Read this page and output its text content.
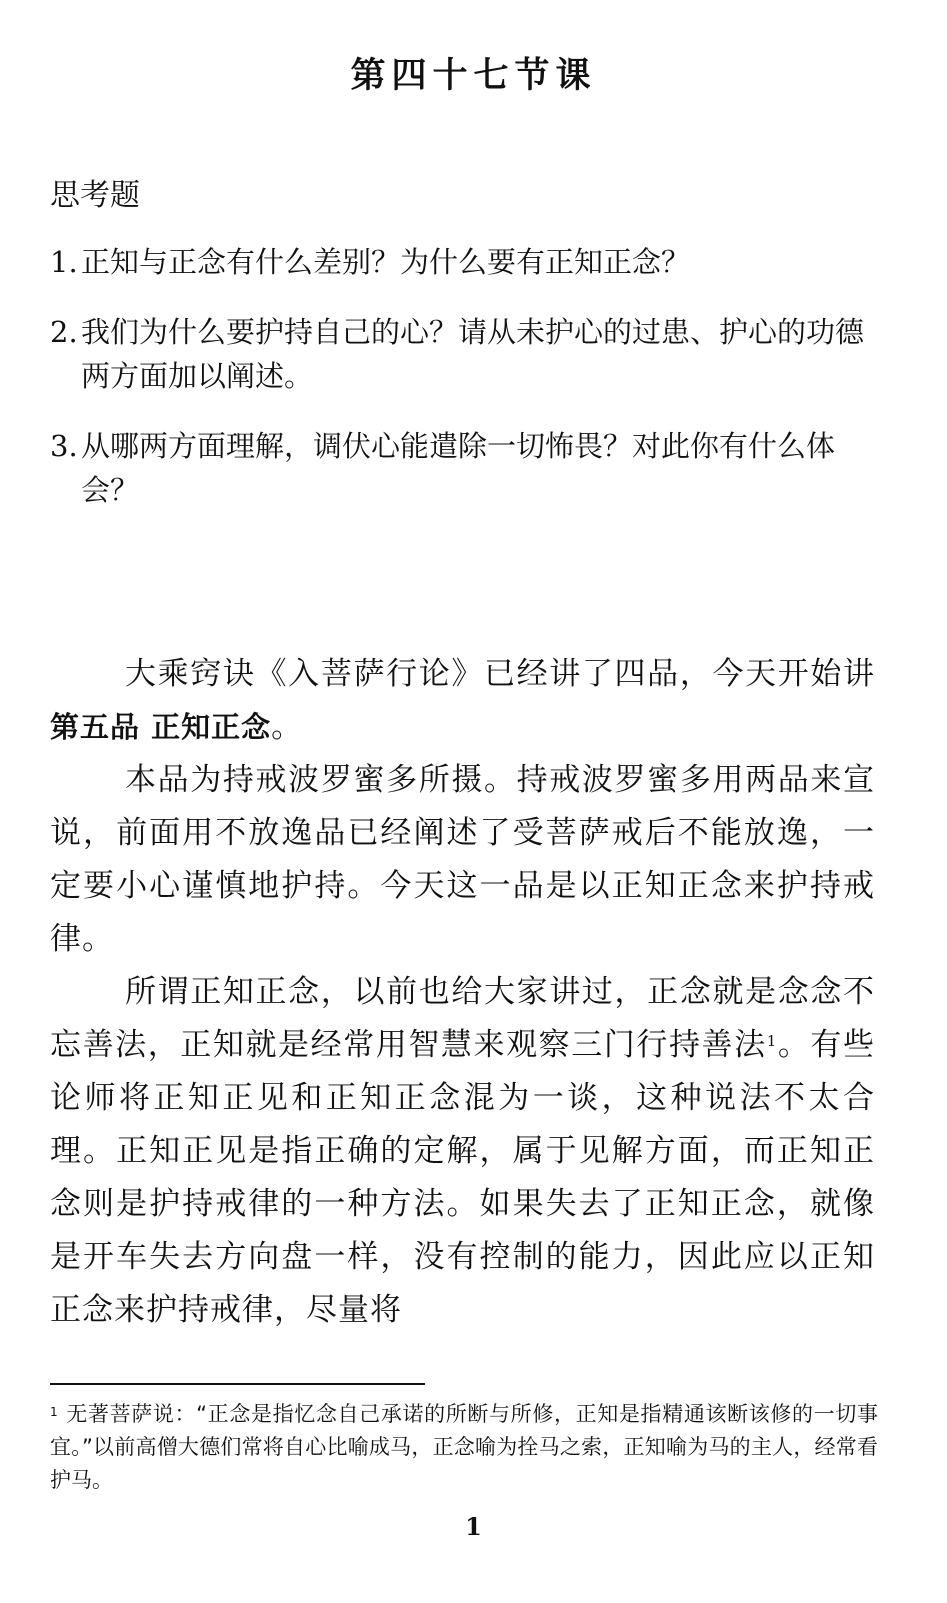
第四十七节课
思考题
1. 正知与正念有什么差别？为什么要有正知正念？
2. 我们为什么要护持自己的心？请从未护心的过患、护心的功德两方面加以阐述。
3. 从哪两方面理解，调伏心能遣除一切怖畏？对此你有什么体会？

大乘窍诀《入菩萨行论》已经讲了四品，今天开始讲 第五品 正知正念。

本品为持戒波罗蜜多所摄。持戒波罗蜜多用两品来宣说，前面用不放逸品已经阐述了受菩萨戒后不能放逸，一定要小心谨慎地护持。今天这一品是以正知正念来护持戒律。

所谓正知正念，以前也给大家讲过，正念就是念念不忘善法，正知就是经常用智慧来观察三门行持善法$^1$。有些论师将正知正见和正知正念混为一谈，这种说法不太合理。正知正见是指正确的定解，属于见解方面，而正知正念则是护持戒律的一种方法。如果失去了正知正念，就像是开车失去方向盘一样，没有控制的能力，因此应以正知正念来护持戒律，尽量将

$^1$ 无著菩萨说：“正念是指忆念自己承诺的所断与所修，正知是指精通该断该修的一切事宜。”以前高僧大德们常将自心比喻成马，正念喻为拴马之索，正知喻为马的主人，经常看护马。
1
